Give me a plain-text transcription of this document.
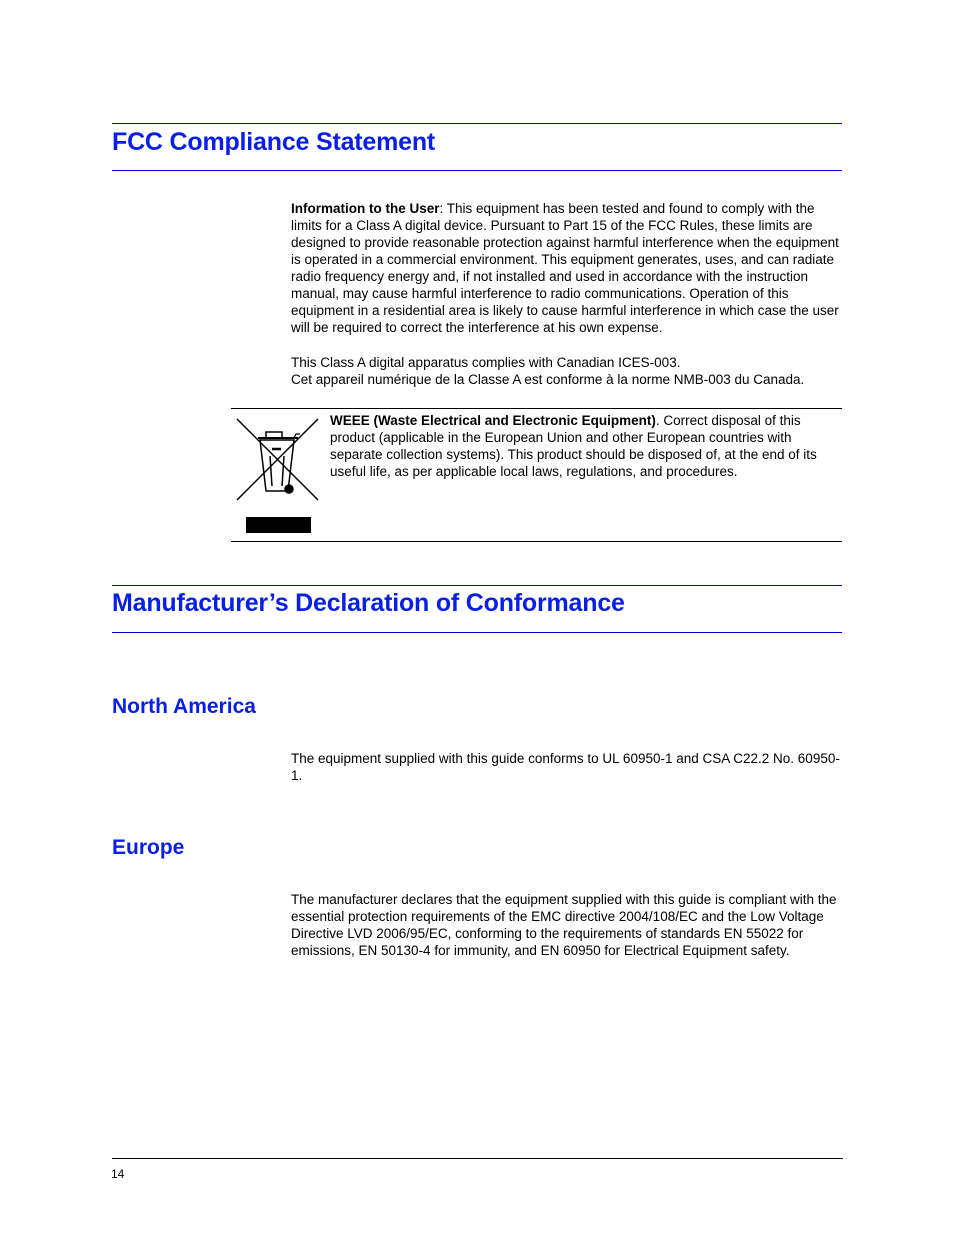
FCC Compliance Statement

Information to the User: This equipment has been tested and found to comply with the limits for a Class A digital device. Pursuant to Part 15 of the FCC Rules, these limits are designed to provide reasonable protection against harmful interference when the equipment is operated in a commercial environment. This equipment generates, uses, and can radiate radio frequency energy and, if not installed and used in accordance with the instruction manual, may cause harmful interference to radio communications. Operation of this equipment in a residential area is likely to cause harmful interference in which case the user will be required to correct the interference at his own expense.

This Class A digital apparatus complies with Canadian ICES-003.
Cet appareil numérique de la Classe A est conforme à la norme NMB-003 du Canada.

WEEE (Waste Electrical and Electronic Equipment). Correct disposal of this product (applicable in the European Union and other European countries with separate collection systems). This product should be disposed of, at the end of its useful life, as per applicable local laws, regulations, and procedures.

Manufacturer’s Declaration of Conformance
North America

The equipment supplied with this guide conforms to UL 60950-1 and CSA C22.2 No. 60950-1.

Europe

The manufacturer declares that the equipment supplied with this guide is compliant with the essential protection requirements of the EMC directive 2004/108/EC and the Low Voltage Directive LVD 2006/95/EC, conforming to the requirements of standards EN 55022 for emissions, EN 50130-4 for immunity, and EN 60950 for Electrical Equipment safety.

14
